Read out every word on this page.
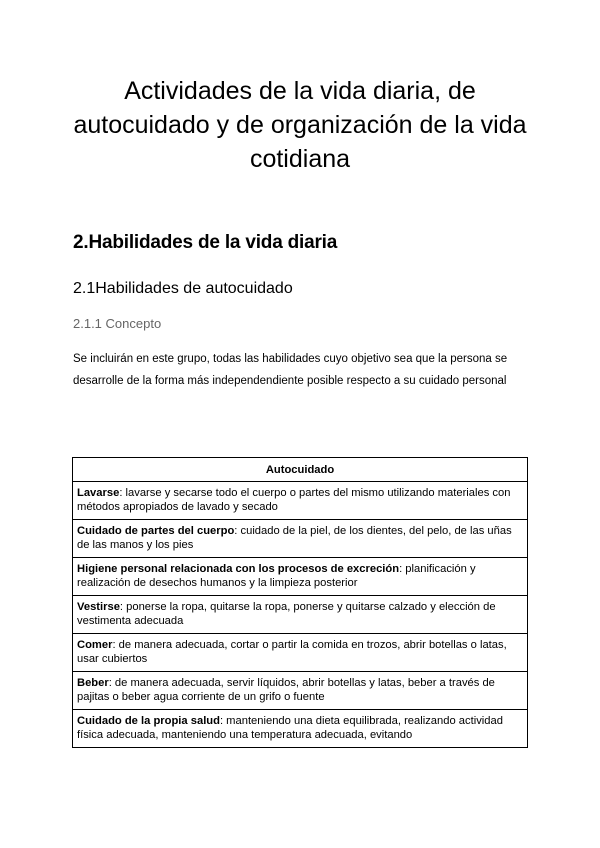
Actividades de la vida diaria, de autocuidado y de organización de la vida cotidiana
2.Habilidades de la vida diaria
2.1Habilidades de autocuidado
2.1.1 Concepto

Se incluirán en este grupo, todas las habilidades cuyo objetivo sea que la persona se desarrolle de la forma más independendiente posible respecto a su cuidado personal

Autocuidado
Lavarse: lavarse y secarse todo el cuerpo o partes del mismo utilizando materiales con métodos apropiados de lavado y secado
Cuidado de partes del cuerpo: cuidado de la piel, de los dientes, del pelo, de las uñas de las manos y los pies
Higiene personal relacionada con los procesos de excreción: planificación y realización de desechos humanos y la limpieza posterior
Vestirse: ponerse la ropa, quitarse la ropa, ponerse y quitarse calzado y elección de vestimenta adecuada
Comer: de manera adecuada, cortar o partir la comida en trozos, abrir botellas o latas, usar cubiertos
Beber: de manera adecuada, servir líquidos, abrir botellas y latas, beber a través de pajitas o beber agua corriente de un grifo o fuente
Cuidado de la propia salud: manteniendo una dieta equilibrada, realizando actividad física adecuada, manteniendo una temperatura adecuada, evitando
